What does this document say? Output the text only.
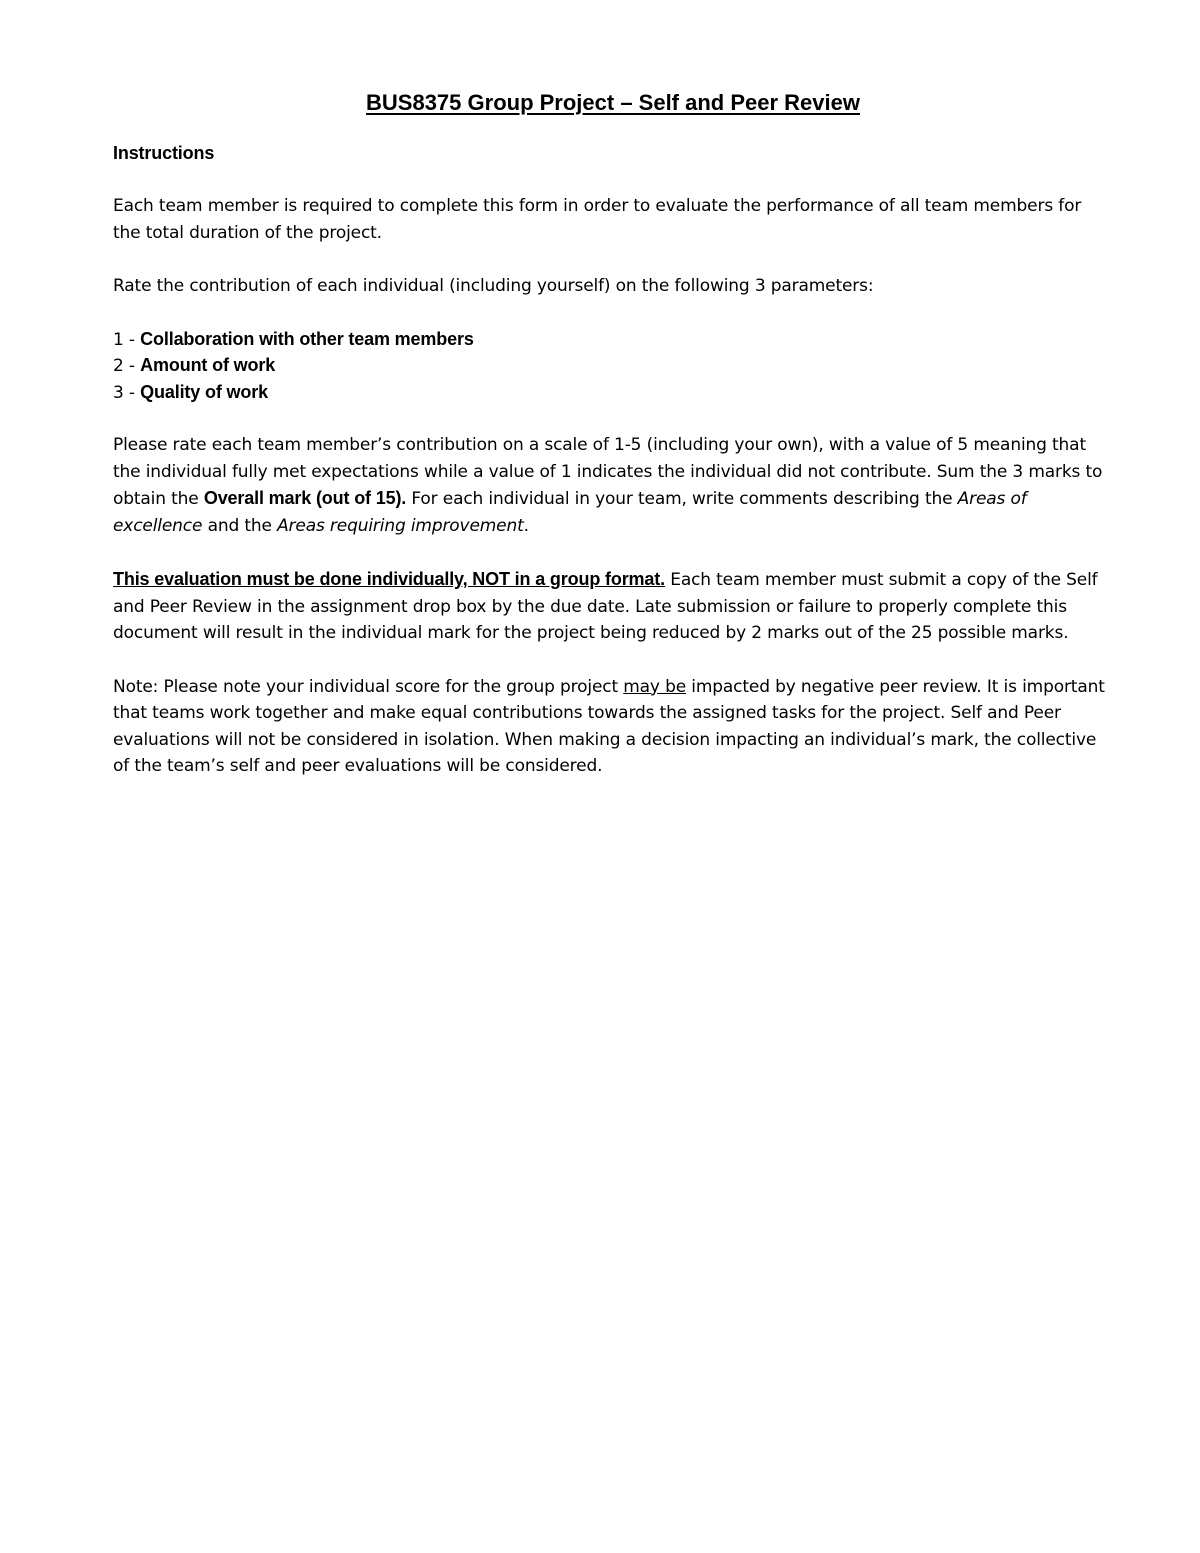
BUS8375 Group Project – Self and Peer Review
Instructions

Each team member is required to complete this form in order to evaluate the performance of all team members for the total duration of the project.

Rate the contribution of each individual (including yourself) on the following 3 parameters:

1 - Collaboration with other team members
2 - Amount of work
3 - Quality of work

Please rate each team member’s contribution on a scale of 1-5 (including your own), with a value of 5 meaning that the individual fully met expectations while a value of 1 indicates the individual did not contribute. Sum the 3 marks to obtain the Overall mark (out of 15). For each individual in your team, write comments describing the Areas of excellence and the Areas requiring improvement.

This evaluation must be done individually, NOT in a group format. Each team member must submit a copy of the Self and Peer Review in the assignment drop box by the due date. Late submission or failure to properly complete this document will result in the individual mark for the project being reduced by 2 marks out of the 25 possible marks.

Note: Please note your individual score for the group project may be impacted by negative peer review. It is important that teams work together and make equal contributions towards the assigned tasks for the project. Self and Peer evaluations will not be considered in isolation. When making a decision impacting an individual’s mark, the collective of the team’s self and peer evaluations will be considered.
